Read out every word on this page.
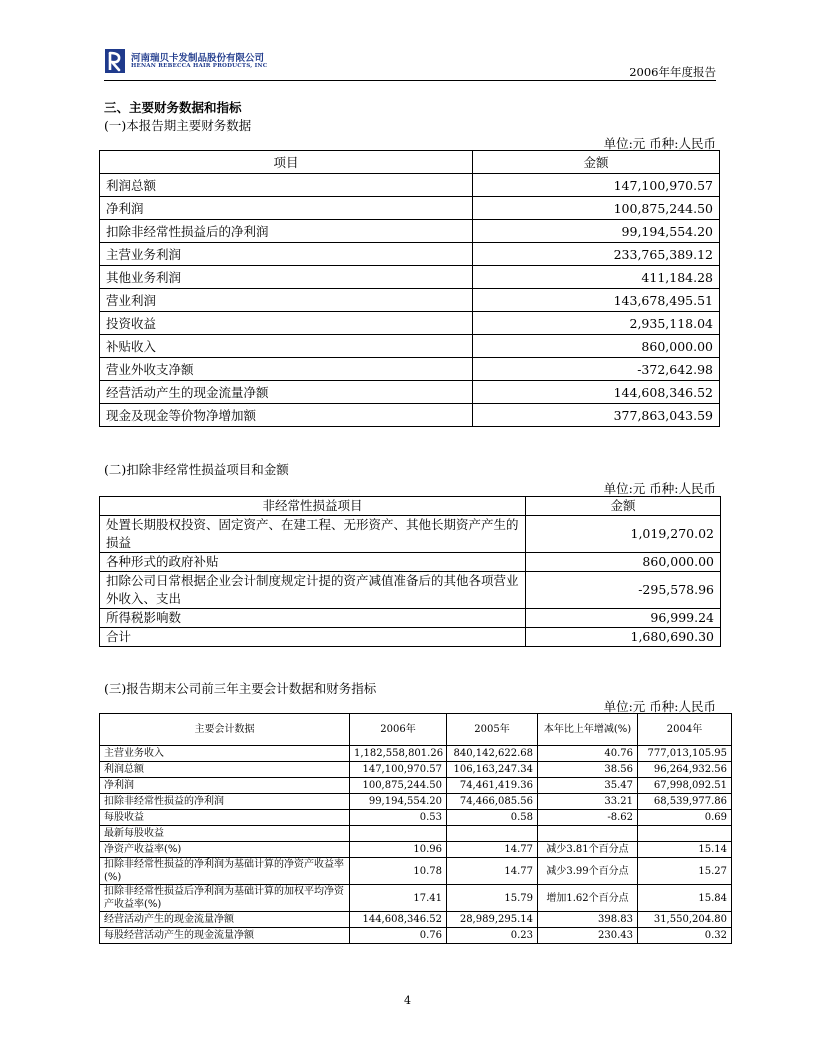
河南瑞贝卡发制品股份有限公司
HENAN REBECCA HAIR PRODUCTS, INC	2006年年度报告
三、主要财务数据和指标
(一)本报告期主要财务数据
单位:元 币种:人民币
项目	金额
利润总额	147,100,970.57
净利润	100,875,244.50
扣除非经常性损益后的净利润	99,194,554.20
主营业务利润	233,765,389.12
其他业务利润	411,184.28
营业利润	143,678,495.51
投资收益	2,935,118.04
补贴收入	860,000.00
营业外收支净额	-372,642.98
经营活动产生的现金流量净额	144,608,346.52
现金及现金等价物净增加额	377,863,043.59
(二)扣除非经常性损益项目和金额
单位:元 币种:人民币
非经常性损益项目	金额
处置长期股权投资、固定资产、在建工程、无形资产、其他长期资产产生的损益	1,019,270.02
各种形式的政府补贴	860,000.00
扣除公司日常根据企业会计制度规定计提的资产减值准备后的其他各项营业外收入、支出	-295,578.96
所得税影响数	96,999.24
合计	1,680,690.30
(三)报告期末公司前三年主要会计数据和财务指标
单位:元 币种:人民币
主要会计数据	2006年	2005年	本年比上年增减(%)	2004年
主营业务收入	1,182,558,801.26	840,142,622.68	40.76	777,013,105.95
利润总额	147,100,970.57	106,163,247.34	38.56	96,264,932.56
净利润	100,875,244.50	74,461,419.36	35.47	67,998,092.51
扣除非经常性损益的净利润	99,194,554.20	74,466,085.56	33.21	68,539,977.86
每股收益	0.53	0.58	-8.62	0.69
最新每股收益				
净资产收益率(%)	10.96	14.77	减少3.81个百分点	15.14
扣除非经常性损益的净利润为基础计算的净资产收益率(%)	10.78	14.77	减少3.99个百分点	15.27
扣除非经常性损益后净利润为基础计算的加权平均净资产收益率(%)	17.41	15.79	增加1.62个百分点	15.84
经营活动产生的现金流量净额	144,608,346.52	28,989,295.14	398.83	31,550,204.80
每股经营活动产生的现金流量净额	0.76	0.23	230.43	0.32
4
